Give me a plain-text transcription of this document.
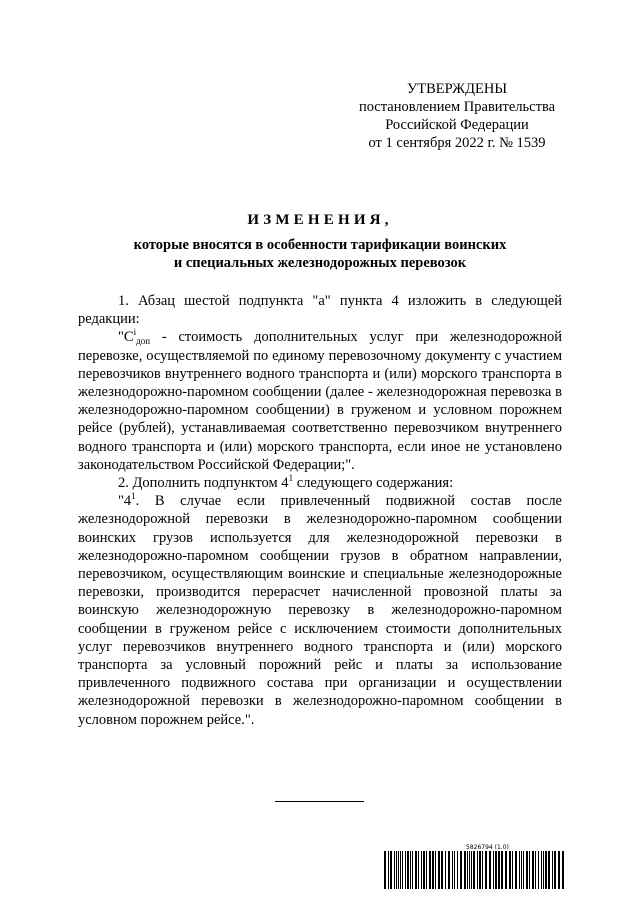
УТВЕРЖДЕНЫ
постановлением Правительства
Российской Федерации
от 1 сентября 2022 г. № 1539
ИЗМЕНЕНИЯ,
которые вносятся в особенности тарификации воинских
и специальных железнодорожных перевозок

1. Абзац шестой подпункта "а" пункта 4 изложить в следующей редакции:

"$C^i_{доп}$ - стоимость дополнительных услуг при железнодорожной перевозке, осуществляемой по единому перевозочному документу с участием перевозчиков внутреннего водного транспорта и (или) морского транспорта в железнодорожно-паромном сообщении (далее - железнодорожная перевозка в железнодорожно-паромном сообщении) в груженом и условном порожнем рейсе (рублей), устанавливаемая соответственно перевозчиком внутреннего водного транспорта и (или) морского транспорта, если иное не установлено законодательством Российской Федерации;".

2. Дополнить подпунктом $4^1$ следующего содержания:

"$4^1$. В случае если привлеченный подвижной состав после железнодорожной перевозки в железнодорожно-паромном сообщении воинских грузов используется для железнодорожной перевозки в железнодорожно-паромном сообщении грузов в обратном направлении, перевозчиком, осуществляющим воинские и специальные железнодорожные перевозки, производится перерасчет начисленной провозной платы за воинскую железнодорожную перевозку в железнодорожно-паромном сообщении в груженом рейсе с исключением стоимости дополнительных услуг перевозчиков внутреннего водного транспорта и (или) морского транспорта за условный порожний рейс и платы за использование привлеченного подвижного состава при организации и осуществлении железнодорожной перевозки в железнодорожно-паромном сообщении в условном порожнем рейсе.".

5826794 (1.0)
